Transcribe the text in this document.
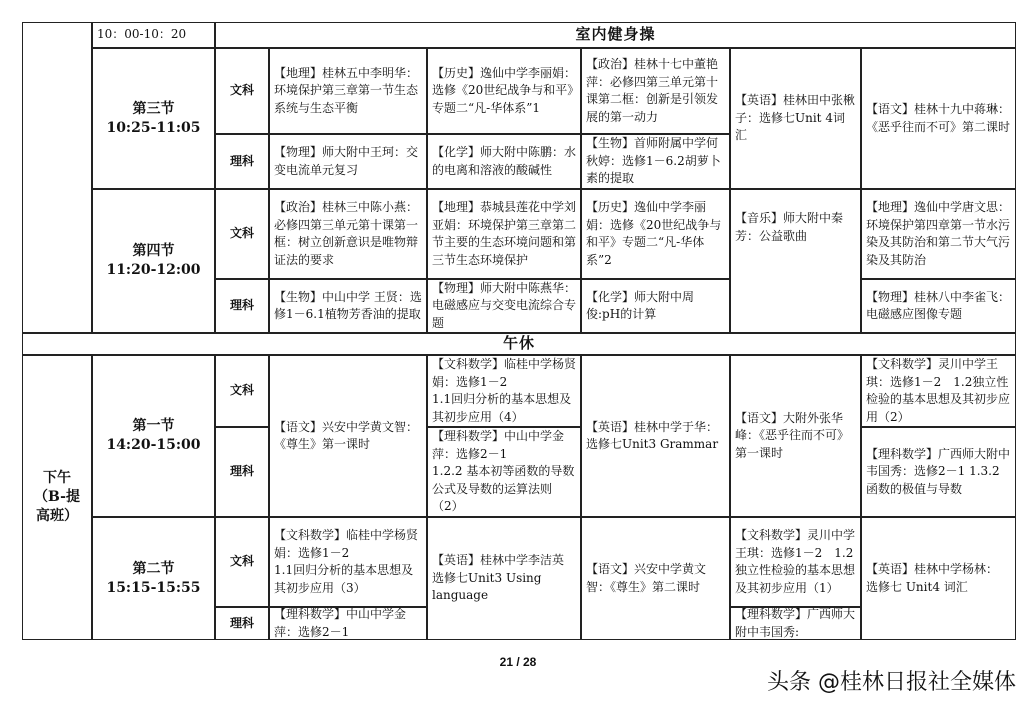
下午
（B-提
高班）
10：00-10：20	室内健身操
第三节
10:25-11:05
文科
理科
【地理】桂林五中李明华：环境保护第三章第一节生态系统与生态平衡
【历史】逸仙中学李丽娟：选修《20世纪战争与和平》专题二“凡-华体系”1
【政治】桂林十七中董艳萍：必修四第三单元第十课第二框：创新是引领发展的第一动力
【英语】桂林田中张楸子：选修七Unit 4词汇
【语文】桂林十九中蒋琳：《恶乎往而不可》第二课时
【物理】师大附中王珂：交变电流单元复习
【化学】师大附中陈鹏：水的电离和溶液的酸碱性
【生物】首师附属中学何秋婷：选修1－6.2胡萝卜素的提取
第四节
11:20-12:00
文科
理科
【政治】桂林三中陈小燕：必修四第三单元第十课第一框：树立创新意识是唯物辩证法的要求
【地理】恭城县莲花中学刘亚娟：环境保护第三章第二节主要的生态环境问题和第三节生态环境保护
【历史】逸仙中学李丽娟：选修《20世纪战争与和平》专题二“凡-华体系”2
【音乐】师大附中秦芳：公益歌曲
【地理】逸仙中学唐文思：环境保护第四章第一节水污染及其防治和第二节大气污染及其防治
【生物】中山中学 王贤：选修1－6.1植物芳香油的提取
【物理】师大附中陈燕华：电磁感应与交变电流综合专题
【化学】师大附中周俊:pH的计算
【物理】桂林八中李雀飞：电磁感应图像专题
午休
第一节
14:20-15:00
文科
理科
【语文】兴安中学黄文智：《尊生》第一课时
【文科数学】临桂中学杨贤娟：选修1－2
1.1回归分析的基本思想及其初步应用（4）
【理科数学】中山中学金 萍：选修2－1
1.2.2 基本初等函数的导数公式及导数的运算法则（2）
【英语】桂林中学于华：选修七Unit3 Grammar
【语文】大附外张华峰：《恶乎往而不可》第一课时
【文科数学】灵川中学王琪：选修1－2　1.2独立性检验的基本思想及其初步应用（2）
【理科数学】广西师大附中韦国秀：选修2－1 1.3.2函数的极值与导数
第二节
15:15-15:55
文科
理科
【文科数学】临桂中学杨贤娟：选修1－2
1.1回归分析的基本思想及其初步应用（3）
【理科数学】中山中学金 萍：选修2－1
【英语】桂林中学李洁英 选修七Unit3 Using language
【语文】兴安中学黄文智：《尊生》第二课时
【文科数学】灵川中学王琪：选修1－2　1.2独立性检验的基本思想及其初步应用（1）
【理科数学】广西师大附中韦国秀:
【英语】桂林中学杨林： 选修七 Unit4 词汇
21 / 28
头条 @桂林日报社全媒体
